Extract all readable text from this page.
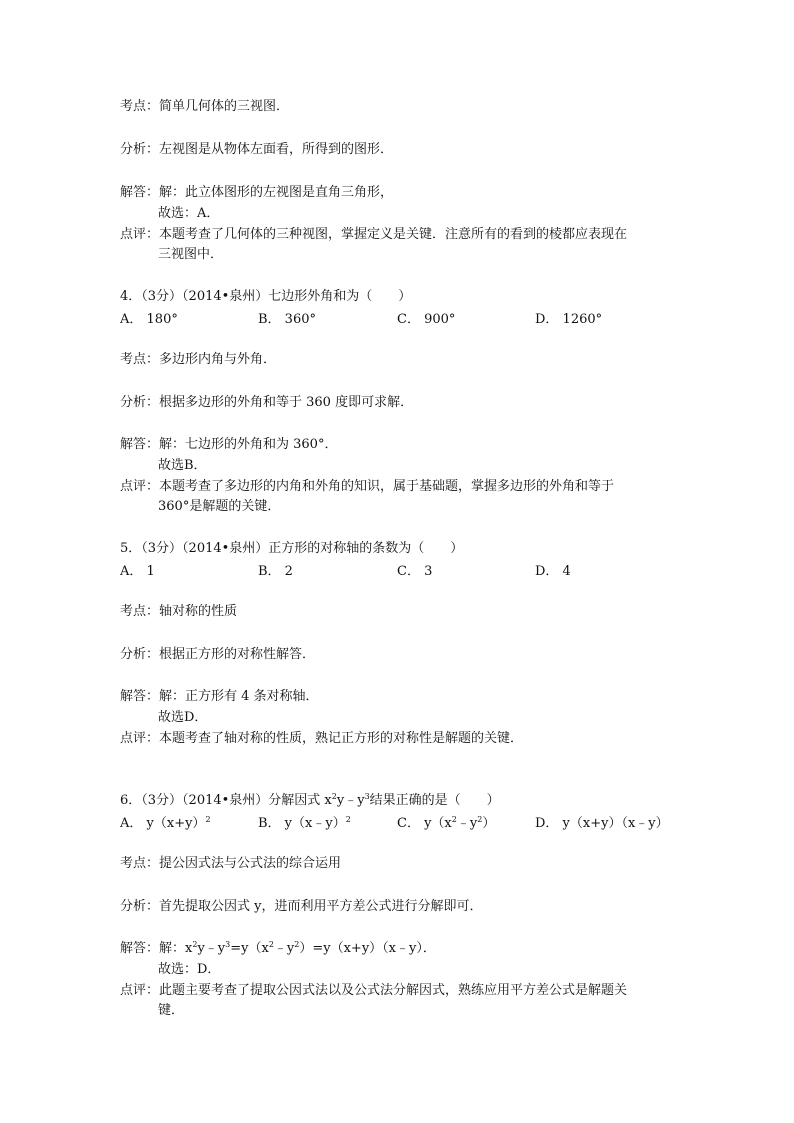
考点：简单几何体的三视图．
分析：左视图是从物体左面看，所得到的图形．
解答：解：此立体图形的左视图是直角三角形，
故选：A．
点评：本题考查了几何体的三种视图，掌握定义是关键．注意所有的看到的棱都应表现在
三视图中．
4．（3分）（2014•泉州）七边形外角和为（　　）
A． 180°	B． 360°	C． 900°	D． 1260°
考点：多边形内角与外角．
分析：根据多边形的外角和等于 360 度即可求解．
解答：解：七边形的外角和为 360°．
故选B．
点评：本题考查了多边形的内角和外角的知识，属于基础题，掌握多边形的外角和等于
360°是解题的关键．
5．（3分）（2014•泉州）正方形的对称轴的条数为（　　）
A． 1	B． 2	C． 3	D． 4
考点：轴对称的性质
分析：根据正方形的对称性解答．
解答：解：正方形有 4 条对称轴．
故选D．
点评：本题考查了轴对称的性质，熟记正方形的对称性是解题的关键．
6．（3分）（2014•泉州）分解因式 $x^2y﹣y^3$结果正确的是（　　）
A． $y(x+y)^2$	B． y（x﹣y）$^2$	C． $y(x^2﹣y^2)$	D． y（x+y）（x﹣y）
考点：提公因式法与公式法的综合运用
分析：首先提取公因式 y，进而利用平方差公式进行分解即可．
解答：解：$x^2y﹣y^3=y(x^2﹣y^2)=y(x+y)(x﹣y)$．
故选：D．
点评：此题主要考查了提取公因式法以及公式法分解因式，熟练应用平方差公式是解题关
键．
